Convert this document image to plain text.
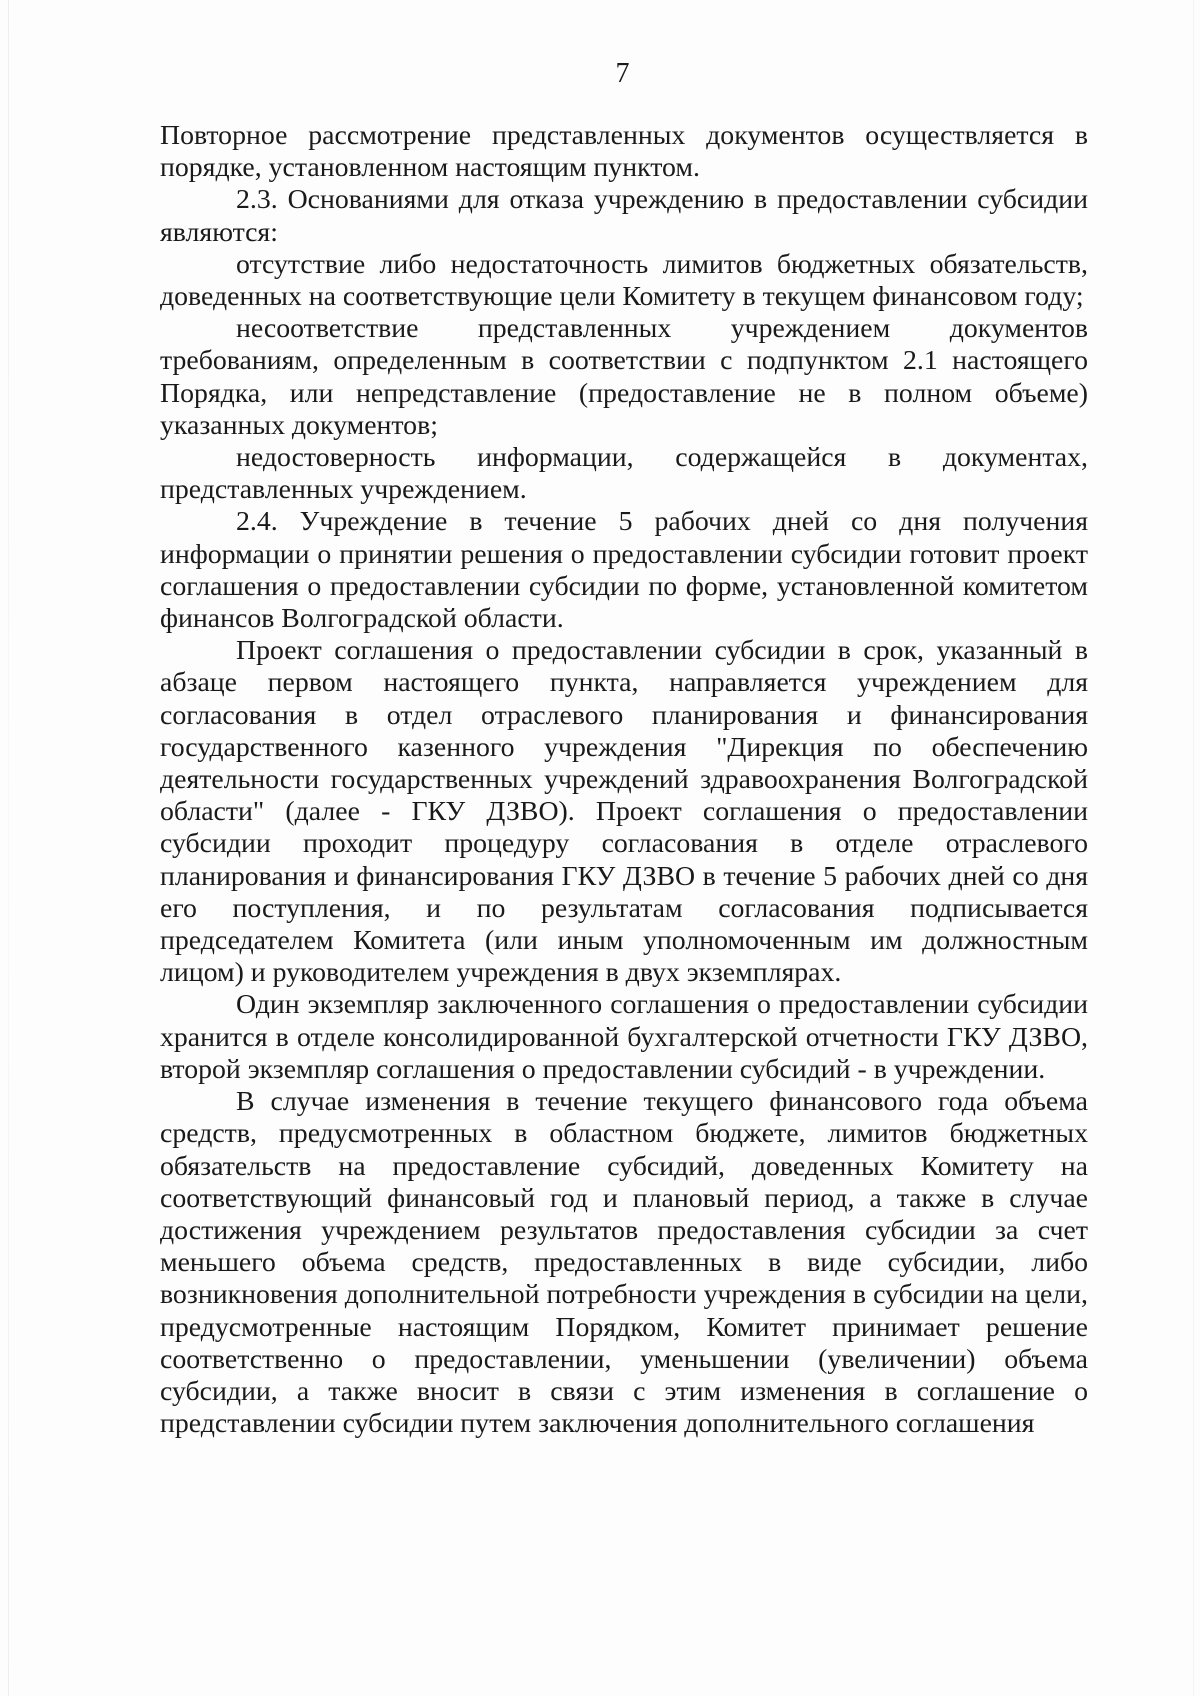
7

Повторное рассмотрение представленных документов осуществляется в порядке, установленном настоящим пунктом.

2.3. Основаниями для отказа учреждению в предоставлении субсидии являются:

отсутствие либо недостаточность лимитов бюджетных обязательств, доведенных на соответствующие цели Комитету в текущем финансовом году;

несоответствие представленных учреждением документов требованиям, определенным в соответствии с подпунктом 2.1 настоящего Порядка, или непредставление (предоставление не в полном объеме) указанных документов;

недостоверность информации, содержащейся в документах, представленных учреждением.

2.4. Учреждение в течение 5 рабочих дней со дня получения информации о принятии решения о предоставлении субсидии готовит проект соглашения о предоставлении субсидии по форме, установленной комитетом финансов Волгоградской области.

Проект соглашения о предоставлении субсидии в срок, указанный в абзаце первом настоящего пункта, направляется учреждением для согласования в отдел отраслевого планирования и финансирования государственного казенного учреждения "Дирекция по обеспечению деятельности государственных учреждений здравоохранения Волгоградской области" (далее - ГКУ ДЗВО). Проект соглашения о предоставлении субсидии проходит процедуру согласования в отделе отраслевого планирования и финансирования ГКУ ДЗВО в течение 5 рабочих дней со дня его поступления, и по результатам согласования подписывается председателем Комитета (или иным уполномоченным им должностным лицом) и руководителем учреждения в двух экземплярах.

Один экземпляр заключенного соглашения о предоставлении субсидии хранится в отделе консолидированной бухгалтерской отчетности ГКУ ДЗВО, второй экземпляр соглашения о предоставлении субсидий - в учреждении.

В случае изменения в течение текущего финансового года объема средств, предусмотренных в областном бюджете, лимитов бюджетных обязательств на предоставление субсидий, доведенных Комитету на соответствующий финансовый год и плановый период, а также в случае достижения учреждением результатов предоставления субсидии за счет меньшего объема средств, предоставленных в виде субсидии, либо возникновения дополнительной потребности учреждения в субсидии на цели, предусмотренные настоящим Порядком, Комитет принимает решение соответственно о предоставлении, уменьшении (увеличении) объема субсидии, а также вносит в связи с этим изменения в соглашение о представлении субсидии путем заключения дополнительного соглашения
